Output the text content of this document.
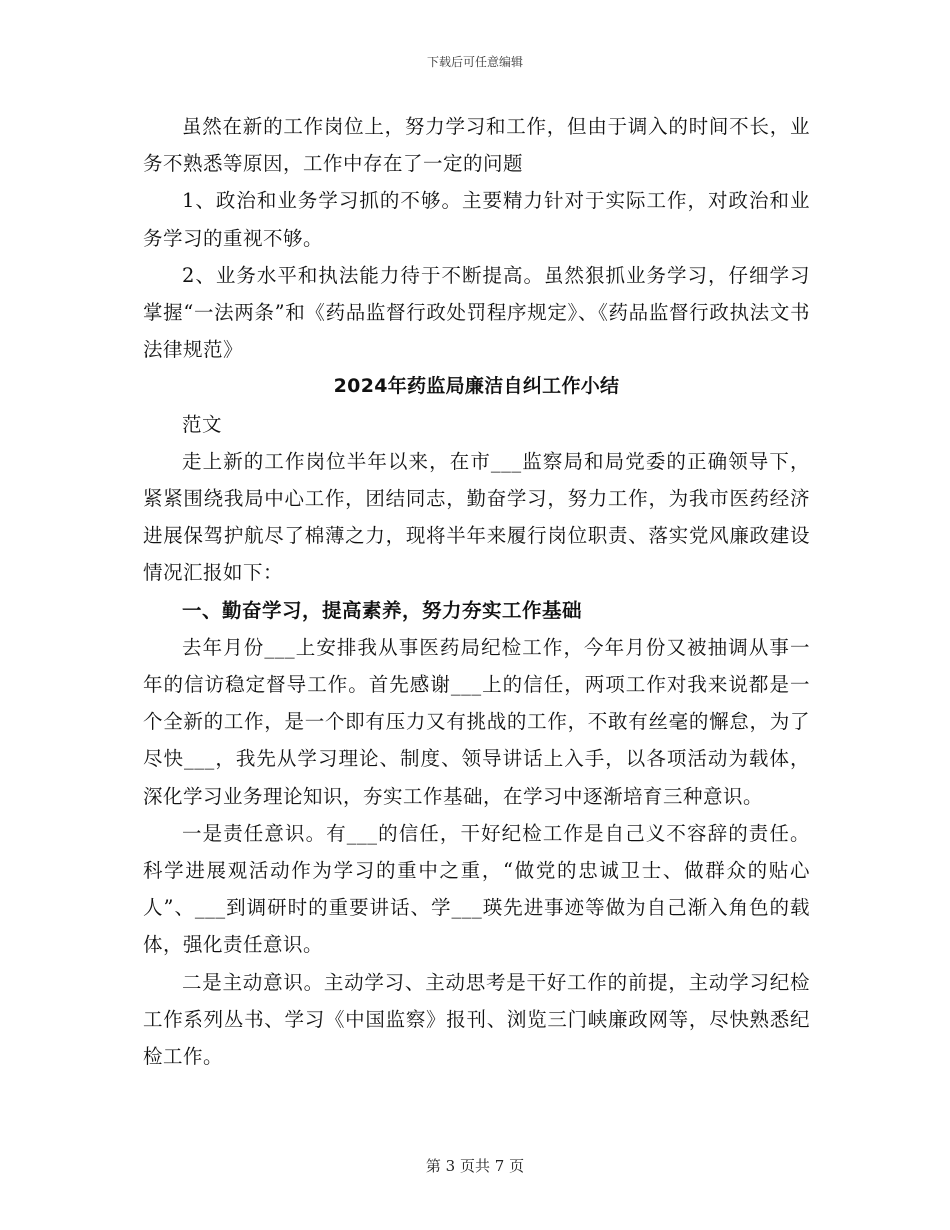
下载后可任意编辑

虽然在新的工作岗位上，努力学习和工作，但由于调入的时间不长，业务不熟悉等原因，工作中存在了一定的问题

1、政治和业务学习抓的不够。主要精力针对于实际工作，对政治和业务学习的重视不够。

2、业务水平和执法能力待于不断提高。虽然狠抓业务学习，仔细学习掌握“一法两条”和《药品监督行政处罚程序规定》、《药品监督行政执法文书法律规范》

2024年药监局廉洁自纠工作小结

范文

走上新的工作岗位半年以来，在市___监察局和局党委的正确领导下，紧紧围绕我局中心工作，团结同志，勤奋学习，努力工作，为我市医药经济进展保驾护航尽了棉薄之力，现将半年来履行岗位职责、落实党风廉政建设情况汇报如下：

一、勤奋学习，提高素养，努力夯实工作基础

去年月份___上安排我从事医药局纪检工作，今年月份又被抽调从事一年的信访稳定督导工作。首先感谢___上的信任，两项工作对我来说都是一个全新的工作，是一个即有压力又有挑战的工作，不敢有丝毫的懈怠，为了尽快___，我先从学习理论、制度、领导讲话上入手，以各项活动为载体，深化学习业务理论知识，夯实工作基础，在学习中逐渐培育三种意识。

一是责任意识。有___的信任，干好纪检工作是自己义不容辞的责任。科学进展观活动作为学习的重中之重，“做党的忠诚卫士、做群众的贴心人”、___到调研时的重要讲话、学___瑛先进事迹等做为自己渐入角色的载体，强化责任意识。

二是主动意识。主动学习、主动思考是干好工作的前提，主动学习纪检工作系列丛书、学习《中国监察》报刊、浏览三门峡廉政网等，尽快熟悉纪检工作。

第 3 页共 7 页
